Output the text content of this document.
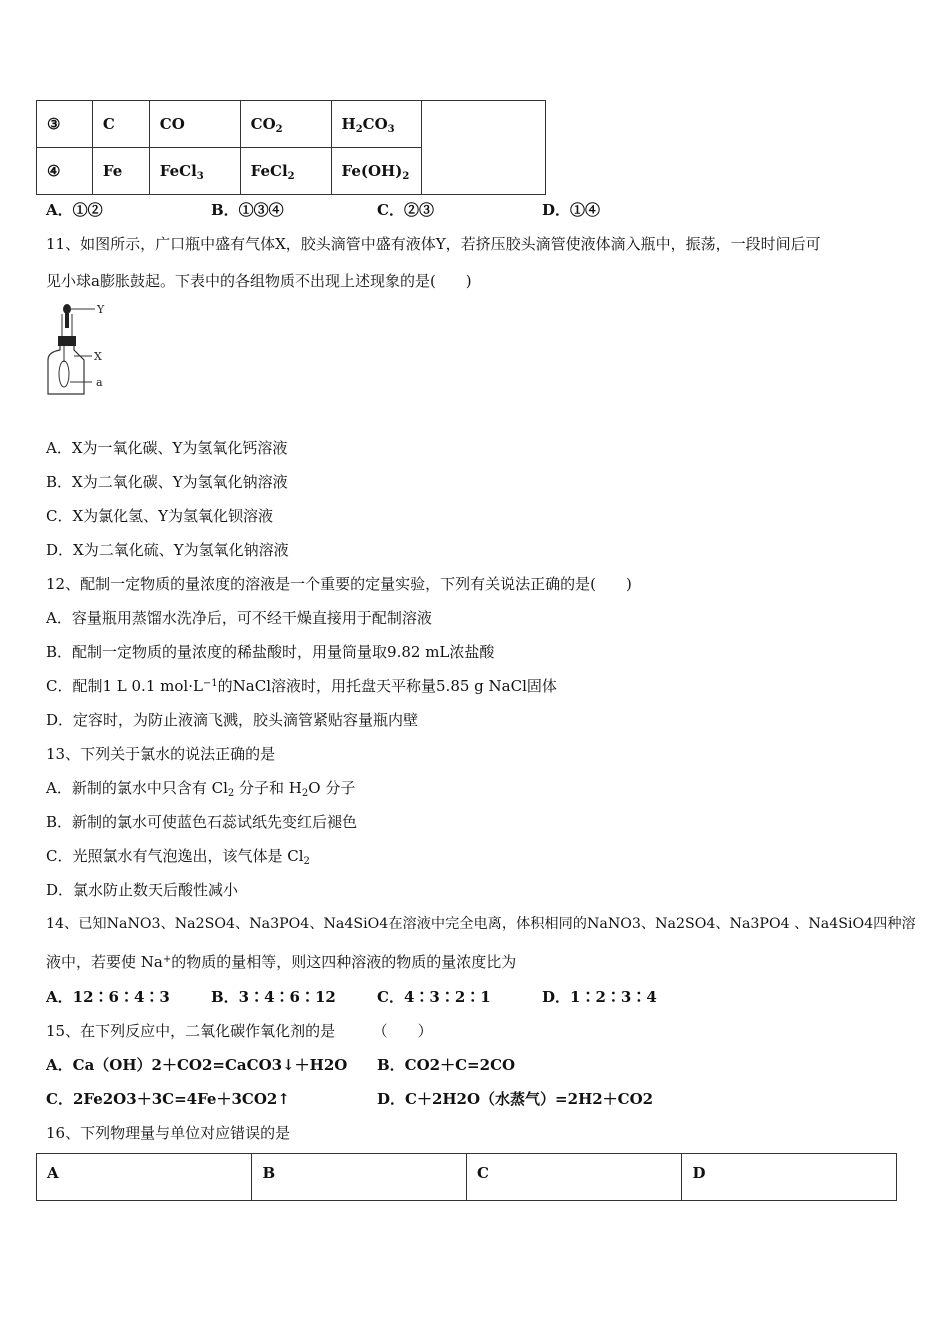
③	C	CO	$CO_2$	$H_2CO_3$	
④	Fe	FeCl$_3$	FeCl$_2$	$Fe(OH)_2$
A．①②	B．①③④	C．②③	D．①④
11、如图所示，广口瓶中盛有气体X，胶头滴管中盛有液体Y，若挤压胶头滴管使液体滴入瓶中，振荡，一段时间后可
见小球a膨胀鼓起。下表中的各组物质不出现上述现象的是(　　)
Y
X
a
A．X为一氧化碳、Y为氢氧化钙溶液
B．X为二氧化碳、Y为氢氧化钠溶液
C．X为氯化氢、Y为氢氧化钡溶液
D．X为二氧化硫、Y为氢氧化钠溶液
12、配制一定物质的量浓度的溶液是一个重要的定量实验，下列有关说法正确的是(　　)
A．容量瓶用蒸馏水洗净后，可不经干燥直接用于配制溶液
B．配制一定物质的量浓度的稀盐酸时，用量筒量取9.82 mL浓盐酸
C．配制1 L 0.1 $mol\cdot L^{-1}$的NaCl溶液时，用托盘天平称量5.85 g NaCl固体
D．定容时，为防止液滴飞溅，胶头滴管紧贴容量瓶内壁
13、下列关于氯水的说法正确的是
A．新制的氯水中只含有 $Cl_2$ 分子和 $H_2O$ 分子
B．新制的氯水可使蓝色石蕊试纸先变红后褪色
C．光照氯水有气泡逸出，该气体是 $Cl_2$
D．氯水防止数天后酸性减小
14、已知NaNO3、Na2SO4、Na3PO4、Na4SiO4在溶液中完全电离，体积相同的NaNO3、Na2SO4、Na3PO4 、Na4SiO4四种溶
液中，若要使 Na+的物质的量相等，则这四种溶液的物质的量浓度比为
A．12∶6∶4∶3	B．3∶4∶6∶12	C．4∶3∶2∶1	D．1∶2∶3∶4
15、在下列反应中，二氧化碳作氧化剂的是　　　（　　）
A．Ca（OH）2＋CO2=CaCO3↓＋H2O B．CO2＋C=2CO
C．2Fe2O3＋3C=4Fe＋3CO2↑	D．C＋2H2O（水蒸气）=2H2＋CO2
16、下列物理量与单位对应错误的是
A	B	C	D
